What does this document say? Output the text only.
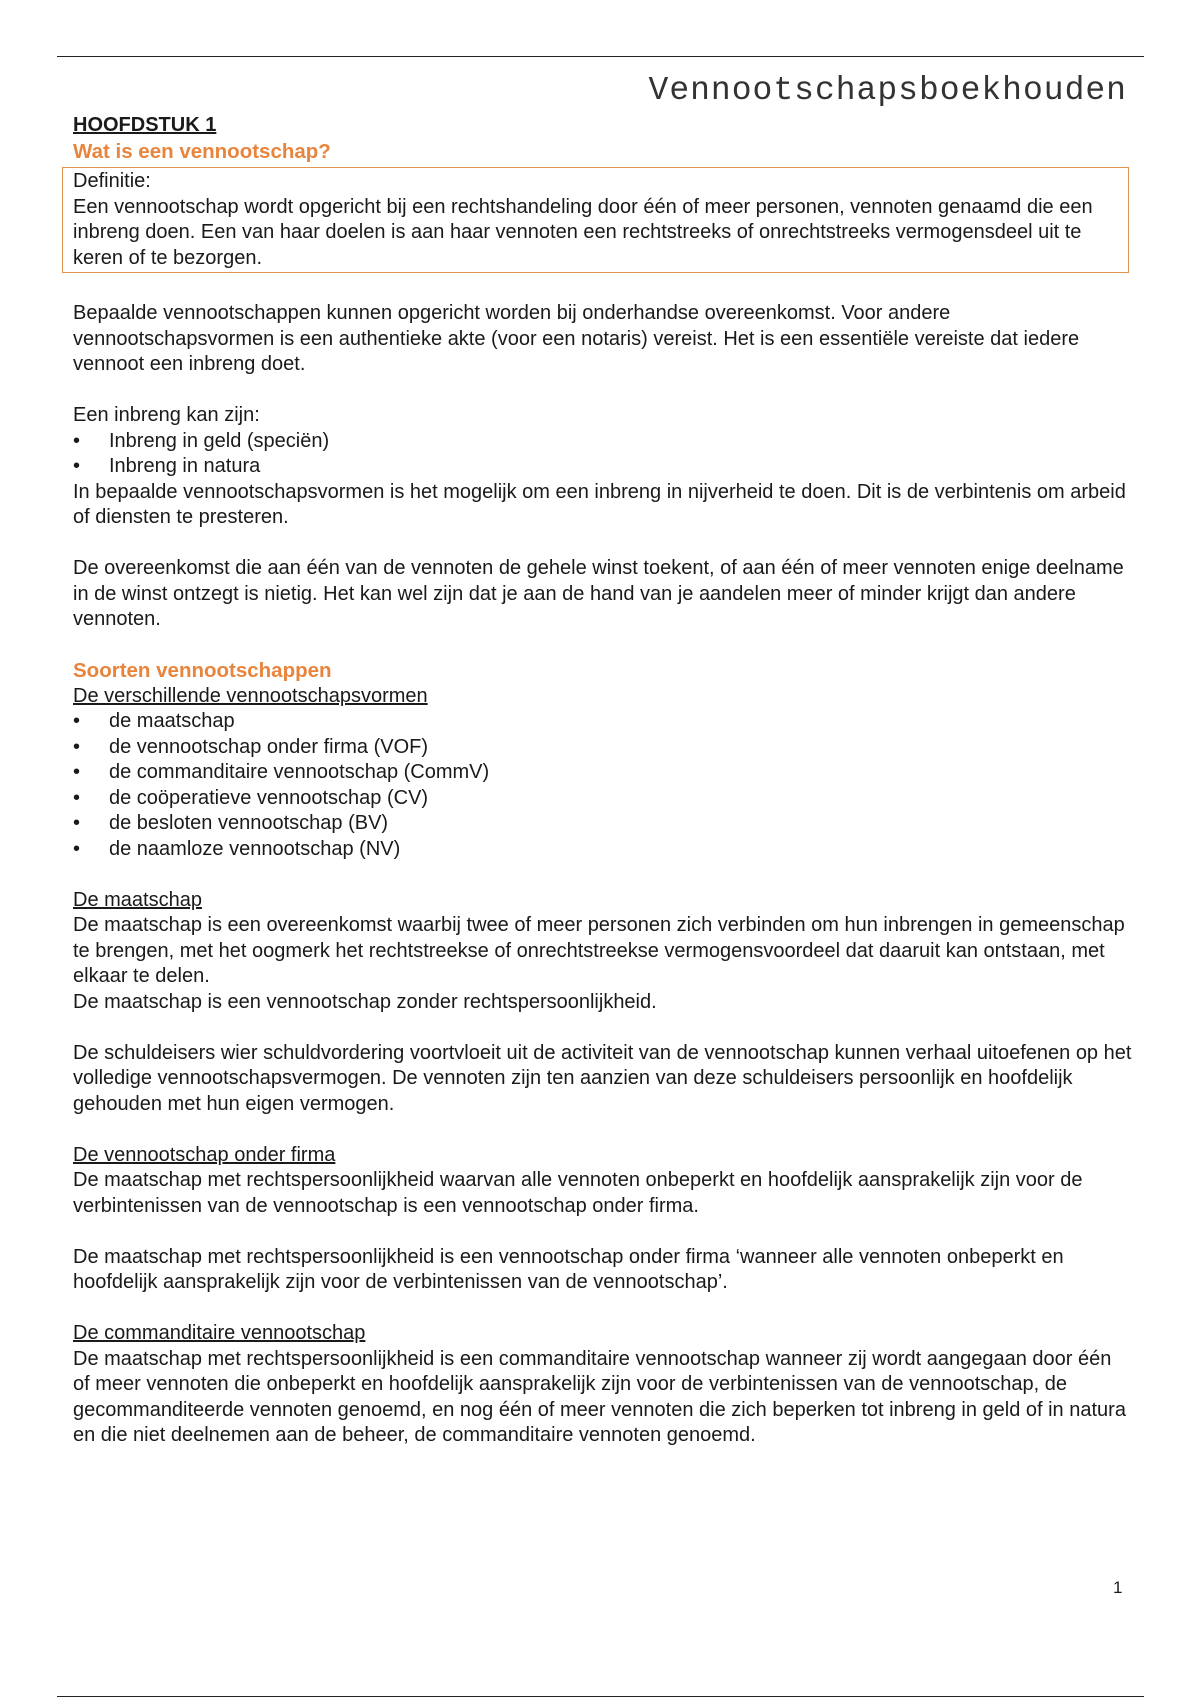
Vennootschapsboekhouden
HOOFDSTUK 1
Wat is een vennootschap?

Definitie:

Een vennootschap wordt opgericht bij een rechtshandeling door één of meer personen, vennoten genaamd die een inbreng doen. Een van haar doelen is aan haar vennoten een rechtstreeks of onrechtstreeks vermogensdeel uit te keren of te bezorgen.

Bepaalde vennootschappen kunnen opgericht worden bij onderhandse overeenkomst. Voor andere vennootschapsvormen is een authentieke akte (voor een notaris) vereist. Het is een essentiële vereiste dat iedere vennoot een inbreng doet.

Een inbreng kan zijn:

• Inbreng in geld (speciën)
• Inbreng in natura

In bepaalde vennootschapsvormen is het mogelijk om een inbreng in nijverheid te doen. Dit is de verbintenis om arbeid of diensten te presteren.

De overeenkomst die aan één van de vennoten de gehele winst toekent, of aan één of meer vennoten enige deelname in de winst ontzegt is nietig. Het kan wel zijn dat je aan de hand van je aandelen meer of minder krijgt dan andere vennoten.

Soorten vennootschappen
De verschillende vennootschapsvormen
• de maatschap
• de vennootschap onder firma (VOF)
• de commanditaire vennootschap (CommV)
• de coöperatieve vennootschap (CV)
• de besloten vennootschap (BV)
• de naamloze vennootschap (NV)
De maatschap

De maatschap is een overeenkomst waarbij twee of meer personen zich verbinden om hun inbrengen in gemeenschap te brengen, met het oogmerk het rechtstreekse of onrechtstreekse vermogensvoordeel dat daaruit kan ontstaan, met elkaar te delen.

De maatschap is een vennootschap zonder rechtspersoonlijkheid.

De schuldeisers wier schuldvordering voortvloeit uit de activiteit van de vennootschap kunnen verhaal uitoefenen op het volledige vennootschapsvermogen. De vennoten zijn ten aanzien van deze schuldeisers persoonlijk en hoofdelijk gehouden met hun eigen vermogen.

De vennootschap onder firma

De maatschap met rechtspersoonlijkheid waarvan alle vennoten onbeperkt en hoofdelijk aansprakelijk zijn voor de verbintenissen van de vennootschap is een vennootschap onder firma.

De maatschap met rechtspersoonlijkheid is een vennootschap onder firma ‘wanneer alle vennoten onbeperkt en hoofdelijk aansprakelijk zijn voor de verbintenissen van de vennootschap’.

De commanditaire vennootschap

De maatschap met rechtspersoonlijkheid is een commanditaire vennootschap wanneer zij wordt aangegaan door één of meer vennoten die onbeperkt en hoofdelijk aansprakelijk zijn voor de verbintenissen van de vennootschap, de gecommanditeerde vennoten genoemd, en nog één of meer vennoten die zich beperken tot inbreng in geld of in natura en die niet deelnemen aan de beheer, de commanditaire vennoten genoemd.

1
